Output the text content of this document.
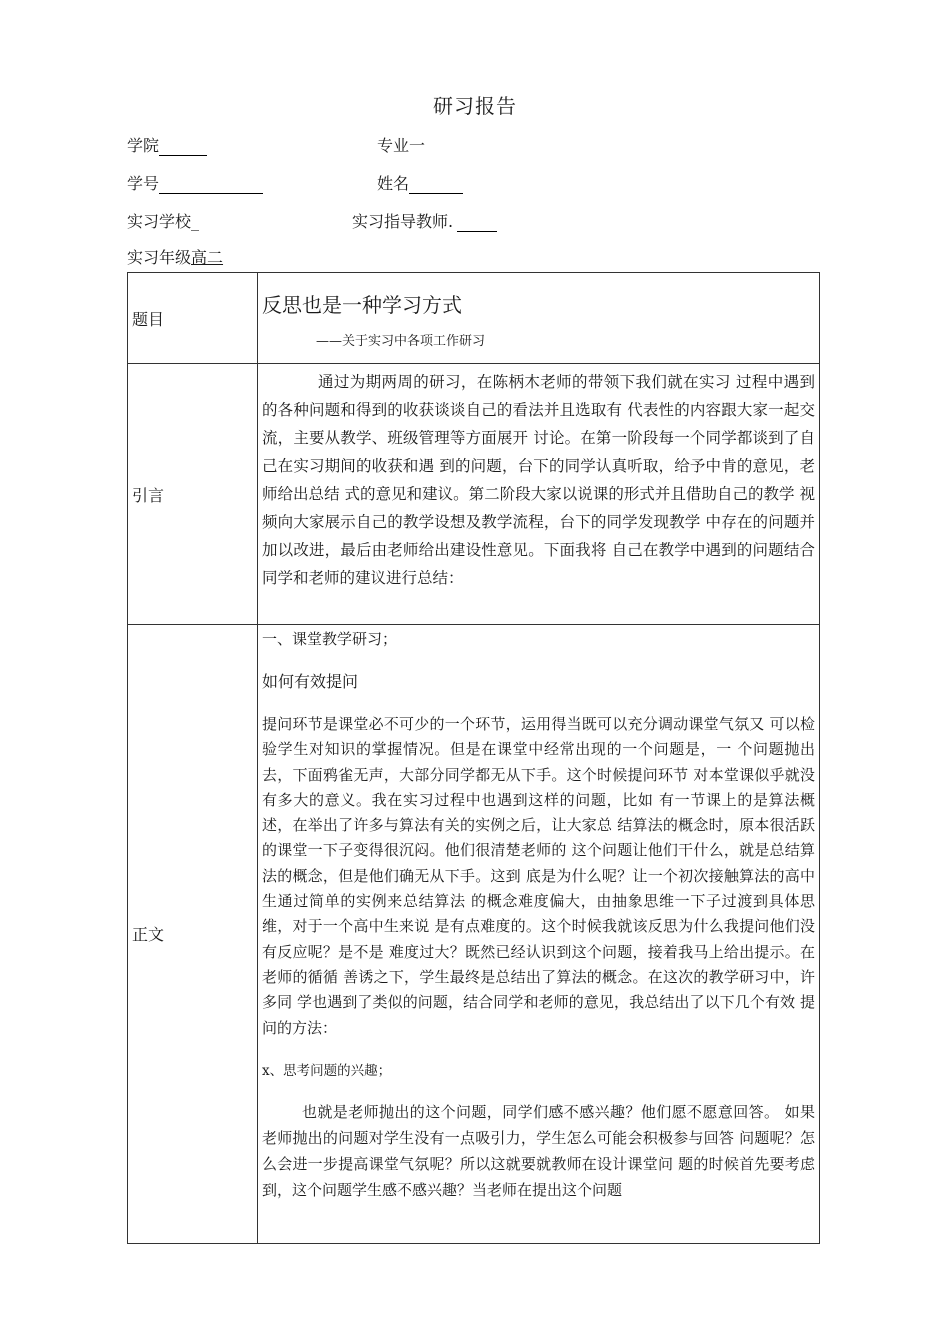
研习报告
学院	专业一
学号	姓名
实习学校_	实习指导教师.
实习年级高二
题目	反思也是一种学习方式
——关于实习中各项工作研习

引言	通过为期两周的研习，在陈柄木老师的带领下我们就在实习 过程中遇到的各种问题和得到的收获谈谈自己的看法并且选取有 代表性的内容跟大家一起交流，主要从教学、班级管理等方面展开 讨论。在第一阶段每一个同学都谈到了自己在实习期间的收获和遇 到的问题，台下的同学认真听取，给予中肯的意见，老师给出总结 式的意见和建议。第二阶段大家以说课的形式并且借助自己的教学 视频向大家展示自己的教学设想及教学流程，台下的同学发现教学 中存在的问题并加以改进，最后由老师给出建设性意见。下面我将 自己在教学中遇到的问题结合同学和老师的建议进行总结：

正文	一、课堂教学研习；
如何有效提问
提问环节是课堂必不可少的一个环节，运用得当既可以充分调动课堂气氛又 可以检验学生对知识的掌握情况。但是在课堂中经常出现的一个问题是，一 个问题抛出去，下面鸦雀无声，大部分同学都无从下手。这个时候提问环节 对本堂课似乎就没有多大的意义。我在实习过程中也遇到这样的问题，比如 有一节课上的是算法概述，在举出了许多与算法有关的实例之后，让大家总 结算法的概念时，原本很活跃的课堂一下子变得很沉闷。他们很清楚老师的 这个问题让他们干什么，就是总结算法的概念，但是他们确无从下手。这到 底是为什么呢？让一个初次接触算法的高中生通过简单的实例来总结算法 的概念难度偏大，由抽象思维一下子过渡到具体思维，对于一个高中生来说 是有点难度的。这个时候我就该反思为什么我提问他们没有反应呢？是不是 难度过大？既然已经认识到这个问题，接着我马上给出提示。在老师的循循 善诱之下，学生最终是总结出了算法的概念。在这次的教学研习中，许多同 学也遇到了类似的问题，结合同学和老师的意见，我总结出了以下几个有效 提问的方法：
x、思考问题的兴趣；
也就是老师抛出的这个问题，同学们感不感兴趣？他们愿不愿意回答。 如果老师抛出的问题对学生没有一点吸引力，学生怎么可能会积极参与回答 问题呢？怎么会进一步提高课堂气氛呢？所以这就要就教师在设计课堂问 题的时候首先要考虑到，这个问题学生感不感兴趣？当老师在提出这个问题
